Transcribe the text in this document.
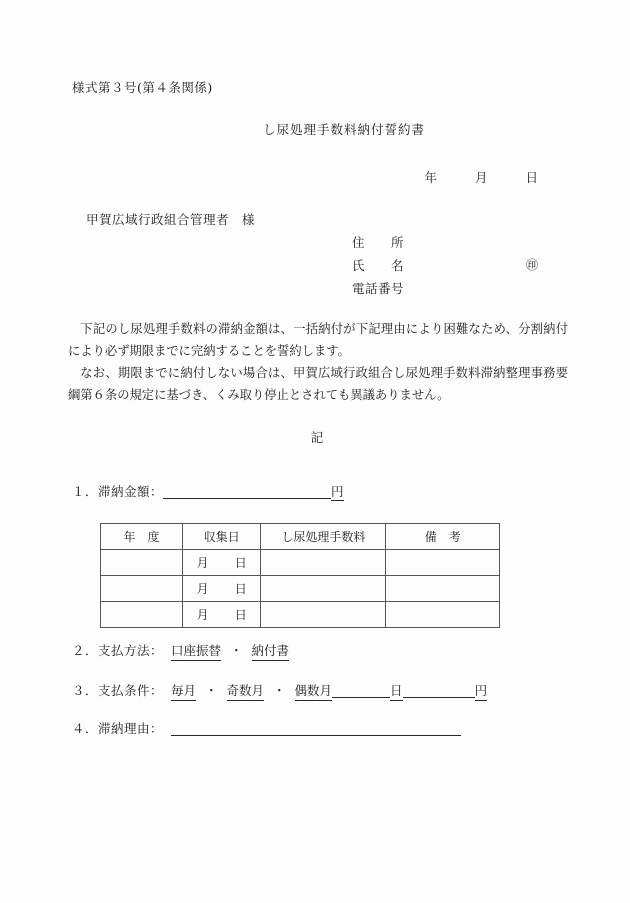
様式第３号(第４条関係)
し尿処理手数料納付誓約書
年	月	日
甲賀広域行政組合管理者　様
住　　所
氏　　名	㊞
電話番号

下記のし尿処理手数料の滞納金額は、一括納付が下記理由により困難なため、分割納付により必ず期限までに完納することを誓約します。

なお、期限までに納付しない場合は、甲賀広域行政組合し尿処理手数料滞納整理事務要綱第６条の規定に基づき、くみ取り停止とされても異議ありません。

記
１．滞納金額：	円
年　度	収集日	し尿処理手数料	備　考
	月 日		
	月 日		
	月 日		
２．支払方法： 口座振替 ・ 納付書
３．支払条件： 毎月 ・ 奇数月 ・ 偶数月	日	円
４．滞納理由：
